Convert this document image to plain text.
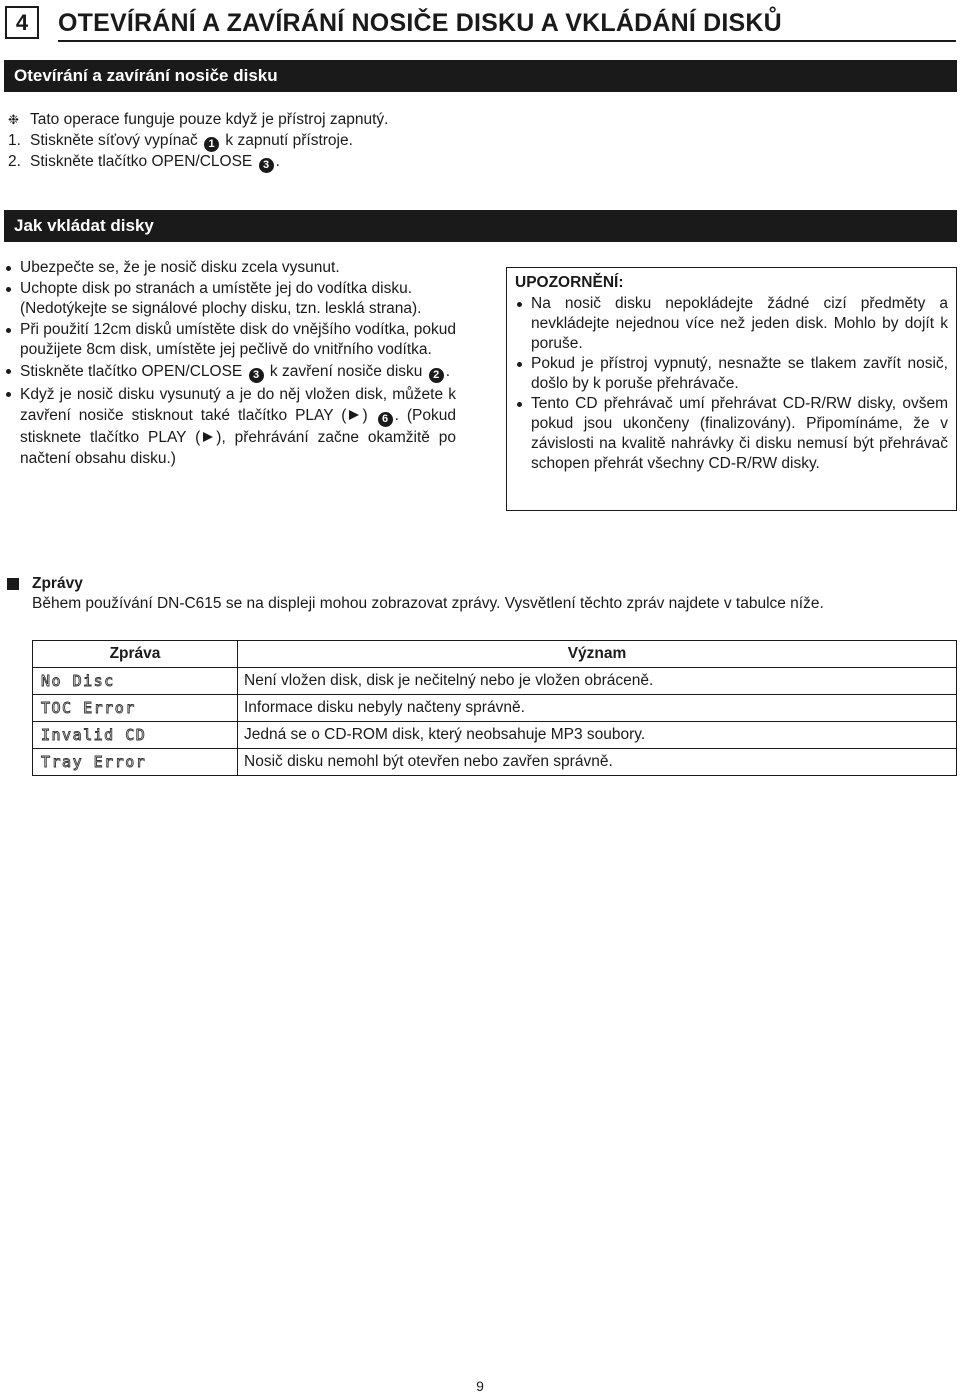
4	OTEVÍRÁNÍ A ZAVÍRÁNÍ NOSIČE DISKU A VKLÁDÁNÍ DISKŮ
Otevírání a zavírání nosiče disku
❉ Tato operace funguje pouze když je přístroj zapnutý.
1. Stiskněte síťový vypínač 1 k zapnutí přístroje.
2. Stiskněte tlačítko OPEN/CLOSE 3 .
Jak vkládat disky
Ubezpečte se, že je nosič disku zcela vysunut.
Uchopte disk po stranách a umístěte jej do vodítka disku.
(Nedotýkejte se signálové plochy disku, tzn. lesklá strana).
Při použití 12cm disků umístěte disk do vnějšího vodítka, pokud použijete 8cm disk, umístěte jej pečlivě do vnitřního vodítka.
Stiskněte tlačítko OPEN/CLOSE 3 k zavření nosiče disku 2 .
Když je nosič disku vysunutý a je do něj vložen disk, můžete k zavření nosiče stisknout také tlačítko PLAY ( ) 6 . (Pokud stisknete tlačítko PLAY ( ), přehrávání začne okamžitě po načtení obsahu disku.)
UPOZORNĚNÍ:
Na nosič disku nepokládejte žádné cizí předměty a nevkládejte nejednou více než jeden disk. Mohlo by dojít k poruše.
Pokud je přístroj vypnutý, nesnažte se tlakem zavřít nosič, došlo by k poruše přehrávače.
Tento CD přehrávač umí přehrávat CD-R/RW disky, ovšem pokud jsou ukončeny (finalizovány). Připomínáme, že v závislosti na kvalitě nahrávky či disku nemusí být přehrávač schopen přehrát všechny CD-R/RW disky.
Zprávy
Během používání DN-C615 se na displeji mohou zobrazovat zprávy. Vysvětlení těchto zpráv najdete v tabulce níže.
Zpráva	Význam
No Disc	Není vložen disk, disk je nečitelný nebo je vložen obráceně.
TOC Error	Informace disku nebyly načteny správně.
Invalid CD	Jedná se o CD-ROM disk, který neobsahuje MP3 soubory.
Tray Error	Nosič disku nemohl být otevřen nebo zavřen správně.
9
